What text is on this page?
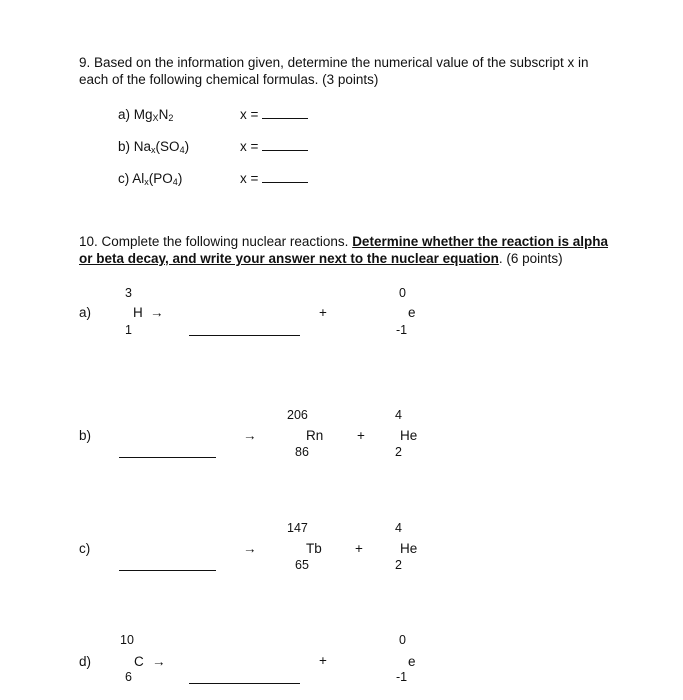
9. Based on the information given, determine the numerical value of the subscript x in
each of the following chemical formulas. (3 points)
a) $Mg_XN_2$	x =
b) $Na_x(SO_4)$	x =
c) $Al_x(PO_4)$	x =
10. Complete the following nuclear reactions. Determine whether the reaction is alpha
or beta decay, and write your answer next to the nuclear equation. (6 points)
a)
3
H
1
→	+
0
e
-1
b)	→
206
Rn
86
+
4
He
2
c)	→
147
Tb
65
+
4
He
2
d)
10
C
6
→	+
0
e
-1
